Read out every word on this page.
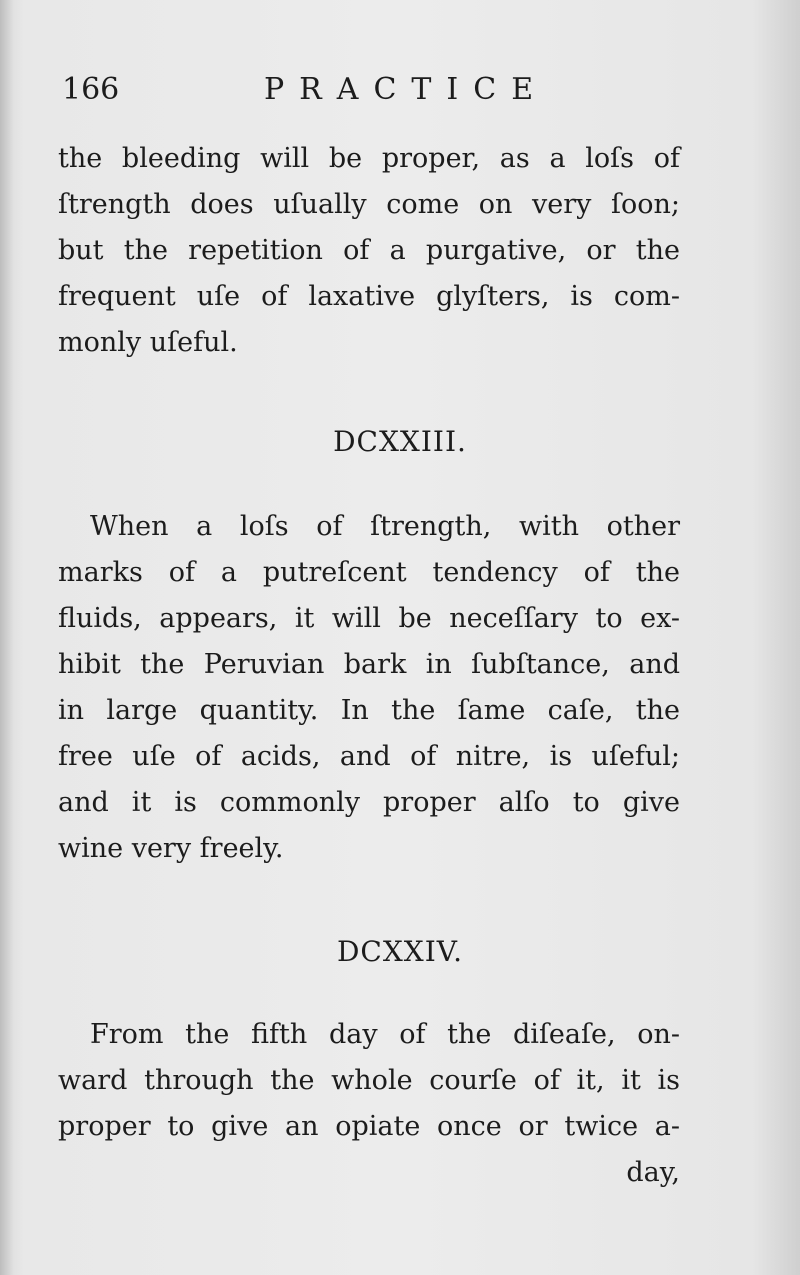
166	PRACTICE
the bleeding will be proper, as a loſs of
ſtrength does uſually come on very ſoon;
but the repetition of a purgative, or the
frequent uſe of laxative glyſters, is com-
monly uſeful.
DCXXIII.
When a loſs of ſtrength, with other
marks of a putreſcent tendency of the
fluids, appears, it will be neceſſary to ex-
hibit the Peruvian bark in ſubſtance, and
in large quantity. In the ſame caſe, the
free uſe of acids, and of nitre, is uſeful;
and it is commonly proper alſo to give
wine very freely.
DCXXIV.
From the fifth day of the diſeaſe, on-
ward through the whole courſe of it, it is
proper to give an opiate once or twice a-
day,
